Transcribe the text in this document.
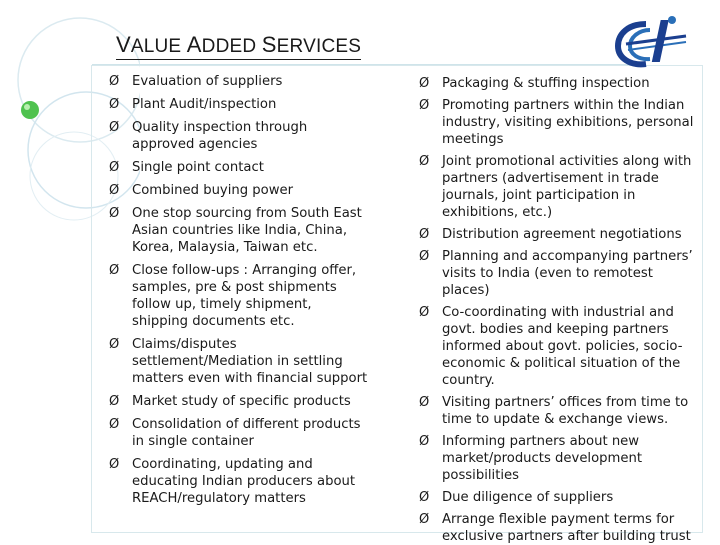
VALUE ADDED SERVICES
Ø Evaluation of suppliers
Ø Plant Audit/inspection
Ø Quality inspection through approved agencies
Ø Single point contact
Ø Combined buying power
Ø One stop sourcing from South East Asian countries like India, China, Korea, Malaysia, Taiwan etc.
Ø Close follow-ups : Arranging offer, samples, pre & post shipments follow up, timely shipment, shipping documents etc.
Ø Claims/disputes settlement/Mediation in settling matters even with financial support
Ø Market study of specific products
Ø Consolidation of different products in single container
Ø Coordinating, updating and educating Indian producers about REACH/regulatory matters
Ø Packaging & stuffing inspection
Ø Promoting partners within the Indian industry, visiting exhibitions, personal meetings
Ø Joint promotional activities along with partners (advertisement in trade journals, joint participation in exhibitions, etc.)
Ø Distribution agreement negotiations
Ø Planning and accompanying partners’ visits to India (even to remotest places)
Ø Co-coordinating with industrial and govt. bodies and keeping partners informed about govt. policies, socio-economic & political situation of the country.
Ø Visiting partners’ offices from time to time to update & exchange views.
Ø Informing partners about new market/products development possibilities
Ø Due diligence of suppliers
Ø Arrange flexible payment terms for exclusive partners after building trust
